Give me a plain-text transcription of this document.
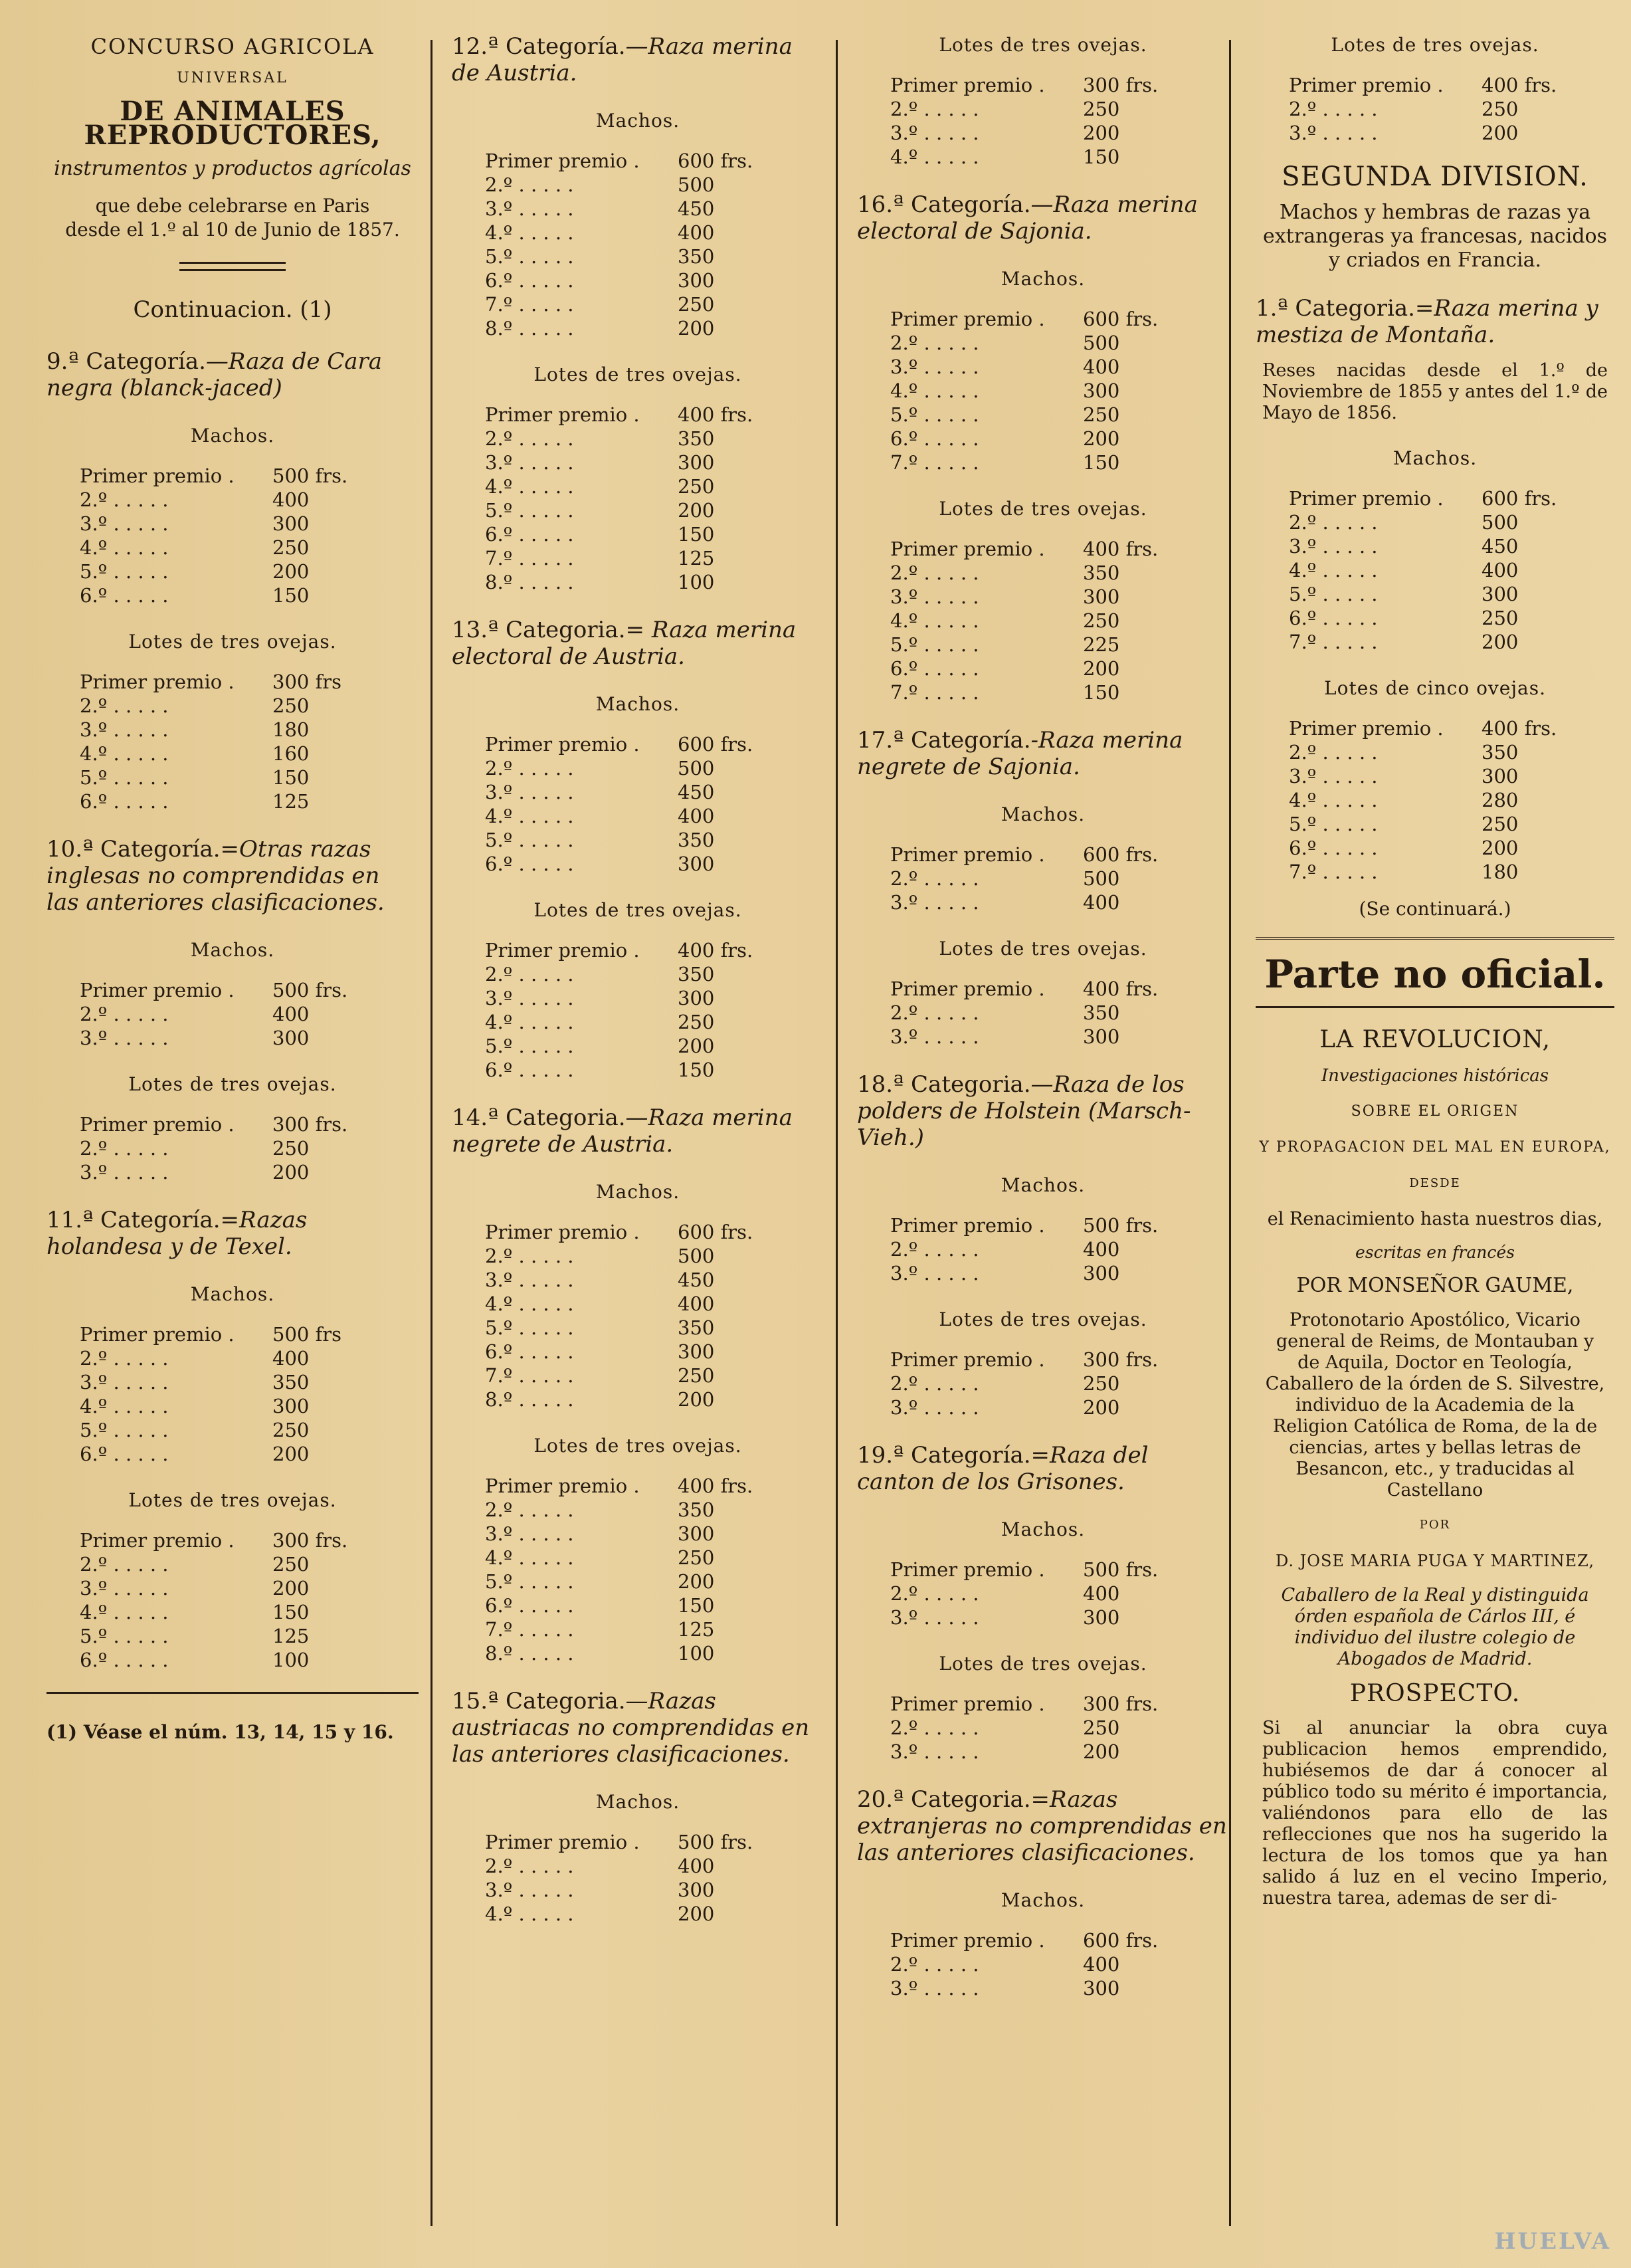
CONCURSO AGRICOLA
UNIVERSAL
DE ANIMALES REPRODUCTORES,
instrumentos y productos agrícolas
que debe celebrarse en Paris
desde el 1.º al 10 de Junio de 1857.
Continuacion. (1)
9.ª Categoría.—Raza de Cara negra (blanck-jaced)
Machos.
Primer premio .	500 frs.
2.º . . . . .	400
3.º . . . . .	300
4.º . . . . .	250
5.º . . . . .	200
6.º . . . . .	150
Lotes de tres ovejas.
Primer premio .	300 frs
2.º . . . . .	250
3.º . . . . .	180
4.º . . . . .	160
5.º . . . . .	150
6.º . . . . .	125
10.ª Categoría.=Otras razas inglesas no comprendidas en las anteriores clasificaciones.
Machos.
Primer premio .	500 frs.
2.º . . . . .	400
3.º . . . . .	300
Lotes de tres ovejas.
Primer premio .	300 frs.
2.º . . . . .	250
3.º . . . . .	200
11.ª Categoría.=Razas holandesa y de Texel.
Machos.
Primer premio .	500 frs
2.º . . . . .	400
3.º . . . . .	350
4.º . . . . .	300
5.º . . . . .	250
6.º . . . . .	200
Lotes de tres ovejas.
Primer premio .	300 frs.
2.º . . . . .	250
3.º . . . . .	200
4.º . . . . .	150
5.º . . . . .	125
6.º . . . . .	100
(1) Véase el núm. 13, 14, 15 y 16.
12.ª Categoría.—Raza merina de Austria.
Machos.
Primer premio .	600 frs.
2.º . . . . .	500
3.º . . . . .	450
4.º . . . . .	400
5.º . . . . .	350
6.º . . . . .	300
7.º . . . . .	250
8.º . . . . .	200
Lotes de tres ovejas.
Primer premio .	400 frs.
2.º . . . . .	350
3.º . . . . .	300
4.º . . . . .	250
5.º . . . . .	200
6.º . . . . .	150
7.º . . . . .	125
8.º . . . . .	100
13.ª Categoria.= Raza merina electoral de Austria.
Machos.
Primer premio .	600 frs.
2.º . . . . .	500
3.º . . . . .	450
4.º . . . . .	400
5.º . . . . .	350
6.º . . . . .	300
Lotes de tres ovejas.
Primer premio .	400 frs.
2.º . . . . .	350
3.º . . . . .	300
4.º . . . . .	250
5.º . . . . .	200
6.º . . . . .	150
14.ª Categoria.—Raza merina negrete de Austria.
Machos.
Primer premio .	600 frs.
2.º . . . . .	500
3.º . . . . .	450
4.º . . . . .	400
5.º . . . . .	350
6.º . . . . .	300
7.º . . . . .	250
8.º . . . . .	200
Lotes de tres ovejas.
Primer premio .	400 frs.
2.º . . . . .	350
3.º . . . . .	300
4.º . . . . .	250
5.º . . . . .	200
6.º . . . . .	150
7.º . . . . .	125
8.º . . . . .	100
15.ª Categoria.—Razas austriacas no comprendidas en las anteriores clasificaciones.
Machos.
Primer premio .	500 frs.
2.º . . . . .	400
3.º . . . . .	300
4.º . . . . .	200
Lotes de tres ovejas.
Primer premio .	300 frs.
2.º . . . . .	250
3.º . . . . .	200
4.º . . . . .	150
16.ª Categoría.—Raza merina electoral de Sajonia.
Machos.
Primer premio .	600 frs.
2.º . . . . .	500
3.º . . . . .	400
4.º . . . . .	300
5.º . . . . .	250
6.º . . . . .	200
7.º . . . . .	150
Lotes de tres ovejas.
Primer premio .	400 frs.
2.º . . . . .	350
3.º . . . . .	300
4.º . . . . .	250
5.º . . . . .	225
6.º . . . . .	200
7.º . . . . .	150
17.ª Categoría.-Raza merina negrete de Sajonia.
Machos.
Primer premio .	600 frs.
2.º . . . . .	500
3.º . . . . .	400
Lotes de tres ovejas.
Primer premio .	400 frs.
2.º . . . . .	350
3.º . . . . .	300
18.ª Categoria.—Raza de los polders de Holstein (Marsch-Vieh.)
Machos.
Primer premio .	500 frs.
2.º . . . . .	400
3.º . . . . .	300
Lotes de tres ovejas.
Primer premio .	300 frs.
2.º . . . . .	250
3.º . . . . .	200
19.ª Categoría.=Raza del canton de los Grisones.
Machos.
Primer premio .	500 frs.
2.º . . . . .	400
3.º . . . . .	300
Lotes de tres ovejas.
Primer premio .	300 frs.
2.º . . . . .	250
3.º . . . . .	200
20.ª Categoria.=Razas extranjeras no comprendidas en las anteriores clasificaciones.
Machos.
Primer premio .	600 frs.
2.º . . . . .	400
3.º . . . . .	300
Lotes de tres ovejas.
Primer premio .	400 frs.
2.º . . . . .	250
3.º . . . . .	200
SEGUNDA DIVISION.
Machos y hembras de razas ya extrangeras ya francesas, nacidos y criados en Francia.
1.ª Categoria.=Raza merina y mestiza de Montaña.
Reses nacidas desde el 1.º de Noviembre de 1855 y antes del 1.º de Mayo de 1856.
Machos.
Primer premio .	600 frs.
2.º . . . . .	500
3.º . . . . .	450
4.º . . . . .	400
5.º . . . . .	300
6.º . . . . .	250
7.º . . . . .	200
Lotes de cinco ovejas.
Primer premio .	400 frs.
2.º . . . . .	350
3.º . . . . .	300
4.º . . . . .	280
5.º . . . . .	250
6.º . . . . .	200
7.º . . . . .	180
(Se continuará.)
Parte no oficial.
LA REVOLUCION,
Investigaciones históricas
SOBRE EL ORIGEN
Y PROPAGACION DEL MAL EN EUROPA,
DESDE
el Renacimiento hasta nuestros dias,
escritas en francés
POR MONSEÑOR GAUME,
Protonotario Apostólico, Vicario general de Reims, de Montauban y de Aquila, Doctor en Teología, Caballero de la órden de S. Silvestre, individuo de la Academia de la Religion Católica de Roma, de la de ciencias, artes y bellas letras de Besancon, etc., y traducidas al Castellano
POR
D. JOSE MARIA PUGA Y MARTINEZ,
Caballero de la Real y distinguida órden española de Cárlos III, é individuo del ilustre colegio de Abogados de Madrid.
PROSPECTO.
Si al anunciar la obra cuya publicacion hemos emprendido, hubiésemos de dar á conocer al público todo su mérito é importancia, valiéndonos para ello de las reflecciones que nos ha sugerido la lectura de los tomos que ya han salido á luz en el vecino Imperio, nuestra tarea, ademas de ser di-
HUELVA
